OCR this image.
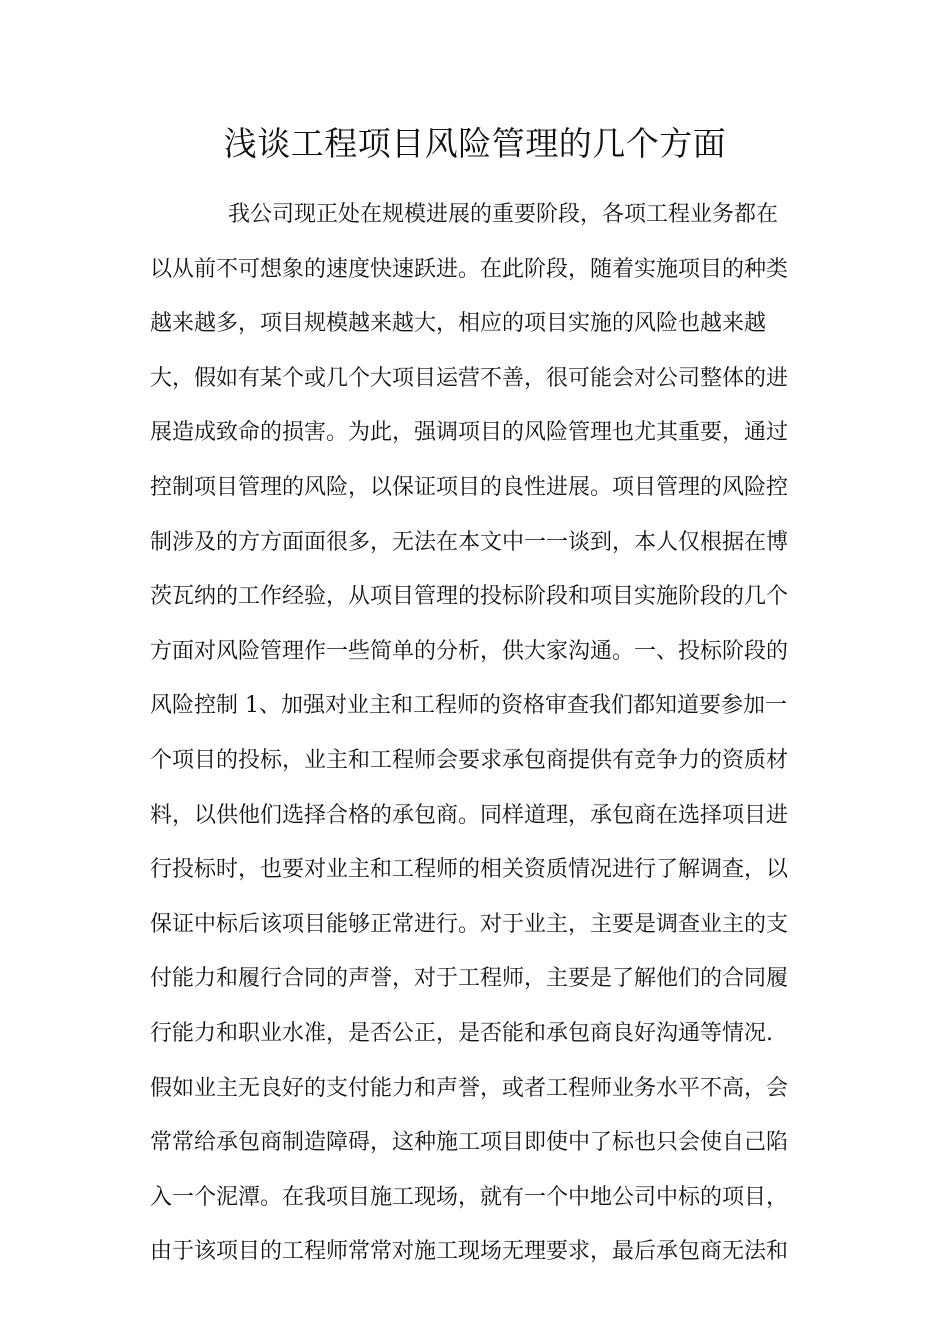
浅谈工程项目风险管理的几个方面
我公司现正处在规模进展的重要阶段，各项工程业务都在
以从前不可想象的速度快速跃进。在此阶段，随着实施项目的种类
越来越多，项目规模越来越大，相应的项目实施的风险也越来越
大，假如有某个或几个大项目运营不善，很可能会对公司整体的进
展造成致命的损害。为此，强调项目的风险管理也尤其重要，通过
控制项目管理的风险，以保证项目的良性进展。项目管理的风险控
制涉及的方方面面很多，无法在本文中一一谈到，本人仅根据在博
茨瓦纳的工作经验，从项目管理的投标阶段和项目实施阶段的几个
方面对风险管理作一些简单的分析，供大家沟通。一、投标阶段的
风险控制 1、加强对业主和工程师的资格审查我们都知道要参加一
个项目的投标，业主和工程师会要求承包商提供有竞争力的资质材
料，以供他们选择合格的承包商。同样道理，承包商在选择项目进
行投标时，也要对业主和工程师的相关资质情况进行了解调查，以
保证中标后该项目能够正常进行。对于业主，主要是调查业主的支
付能力和履行合同的声誉，对于工程师，主要是了解他们的合同履
行能力和职业水准，是否公正，是否能和承包商良好沟通等情况.
假如业主无良好的支付能力和声誉，或者工程师业务水平不高，会
常常给承包商制造障碍，这种施工项目即使中了标也只会使自己陷
入一个泥潭。在我项目施工现场，就有一个中地公司中标的项目，
由于该项目的工程师常常对施工现场无理要求，最后承包商无法和
